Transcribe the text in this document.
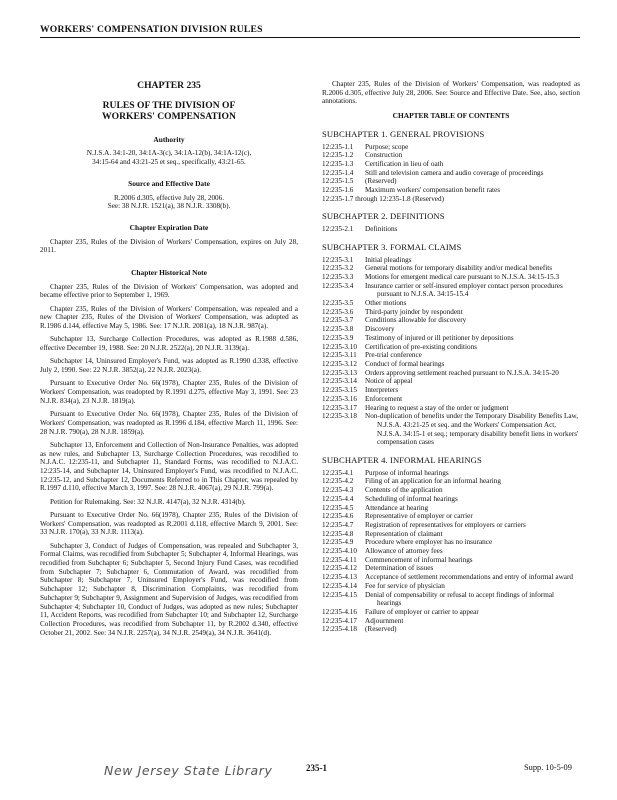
WORKERS' COMPENSATION DIVISION RULES
CHAPTER 235
RULES OF THE DIVISION OF
WORKERS' COMPENSATION
Authority

N.J.S.A. 34:1-20, 34:1A-3(c), 34:1A-12(b), 34:1A-12(c),

34:15-64 and 43:21-25 et seq., specifically, 43:21-65.

Source and Effective Date

R.2006 d.305, effective July 28, 2006.

See: 38 N.J.R. 1521(a), 38 N.J.R. 3308(b).

Chapter Expiration Date

Chapter 235, Rules of the Division of Workers' Compensation, expires on July 28, 2011.

Chapter Historical Note

Chapter 235, Rules of the Division of Workers' Compensation, was adopted and became effective prior to September 1, 1969.

Chapter 235, Rules of the Division of Workers' Compensation, was repealed and a new Chapter 235, Rules of the Division of Workers' Compensation, was adopted as R.1986 d.144, effective May 5, 1986. See: 17 N.J.R. 2081(a), 18 N.J.R. 987(a).

Subchapter 13, Surcharge Collection Procedures, was adopted as R.1988 d.586, effective December 19, 1988. See: 20 N.J.R. 2522(a), 20 N.J.R. 3139(a).

Subchapter 14, Uninsured Employer's Fund, was adopted as R.1990 d.338, effective July 2, 1990. See: 22 N.J.R. 3852(a), 22 N.J.R. 2023(a).

Pursuant to Executive Order No. 66(1978), Chapter 235, Rules of the Division of Workers' Compensation, was readopted by R.1991 d.275, effective May 3, 1991. See: 23 N.J.R. 834(a), 23 N.J.R. 1819(a).

Pursuant to Executive Order No. 66(1978), Chapter 235, Rules of the Division of Workers' Compensation, was readopted as R.1996 d.184, effective March 11, 1996. See: 28 N.J.R. 790(a), 28 N.J.R. 1859(a).

Subchapter 13, Enforcement and Collection of Non-Insurance Penalties, was adopted as new rules, and Subchapter 13, Surcharge Collection Procedures, was recodified to N.J.A.C. 12:235-11, and Subchapter 11, Standard Forms, was recodified to N.J.A.C. 12:235-14, and Subchapter 14, Uninsured Employer's Fund, was recodified to N.J.A.C. 12:235-12, and Subchapter 12, Documents Referred to in This Chapter, was repealed by R.1997 d.110, effective March 3, 1997. See: 28 N.J.R. 4067(a), 29 N.J.R. 799(a).

Petition for Rulemaking. See: 32 N.J.R. 4147(a), 32 N.J.R. 4314(b).

Pursuant to Executive Order No. 66(1978), Chapter 235, Rules of the Division of Workers' Compensation, was readopted as R.2001 d.118, effective March 9, 2001. See: 33 N.J.R. 170(a), 33 N.J.R. 1113(a).

Subchapter 3, Conduct of Judges of Compensation, was repealed and Subchapter 3, Formal Claims, was recodified from Subchapter 5; Subchapter 4, Informal Hearings, was recodified from Subchapter 6; Subchapter 5, Second Injury Fund Cases, was recodified from Subchapter 7; Subchapter 6, Commutation of Award, was recodified from Subchapter 8; Subchapter 7, Uninsured Employer's Fund, was recodified from Subchapter 12; Subchapter 8, Discrimination Complaints, was recodified from Subchapter 9; Subchapter 9, Assignment and Supervision of Judges, was recodified from Subchapter 4; Subchapter 10, Conduct of Judges, was adopted as new rules; Subchapter 11, Accident Reports, was recodified from Subchapter 10; and Subchapter 12, Surcharge Collection Procedures, was recodified from Subchapter 11, by R.2002 d.340, effective October 21, 2002. See: 34 N.J.R. 2257(a), 34 N.J.R. 2549(a), 34 N.J.R. 3641(d).

Chapter 235, Rules of the Division of Workers' Compensation, was readopted as R.2006 d.305, effective July 28, 2006. See: Source and Effective Date. See, also, section annotations.

CHAPTER TABLE OF CONTENTS
SUBCHAPTER 1. GENERAL PROVISIONS
12:235-1.1	Purpose; scope
12:235-1.2	Construction
12:235-1.3	Certification in lieu of oath
12:235-1.4	Still and television camera and audio coverage of proceedings
12:235-1.5	(Reserved)
12:235-1.6	Maximum workers' compensation benefit rates
12:235-1.7 through 12:235-1.8 (Reserved)
SUBCHAPTER 2. DEFINITIONS
12:235-2.1	Definitions
SUBCHAPTER 3. FORMAL CLAIMS
12:235-3.1	Initial pleadings
12:235-3.2	General motions for temporary disability and/or medical benefits
12:235-3.3	Motions for emergent medical care pursuant to N.J.S.A. 34:15-15.3
12:235-3.4	Insurance carrier or self-insured employer contact person procedures pursuant to N.J.S.A. 34:15-15.4
12:235-3.5	Other motions
12:235-3.6	Third-party joinder by respondent
12:235-3.7	Conditions allowable for discovery
12:235-3.8	Discovery
12:235-3.9	Testimony of injured or ill petitioner by depositions
12:235-3.10	Certification of pre-existing conditions
12:235-3.11	Pre-trial conference
12:235-3.12	Conduct of formal hearings
12:235-3.13	Orders approving settlement reached pursuant to N.J.S.A. 34:15-20
12:235-3.14	Notice of appeal
12:235-3.15	Interpreters
12:235-3.16	Enforcement
12:235-3.17	Hearing to request a stay of the order or judgment
12:235-3.18	Non-duplication of benefits under the Temporary Disability Benefits Law, N.J.S.A. 43:21-25 et seq. and the Workers' Compensation Act, N.J.S.A. 34:15-1 et seq.; temporary disability benefit liens in workers' compensation cases
SUBCHAPTER 4. INFORMAL HEARINGS
12:235-4.1	Purpose of informal hearings
12:235-4.2	Filing of an application for an informal hearing
12:235-4.3	Contents of the application
12:235-4.4	Scheduling of informal hearings
12:235-4.5	Attendance at hearing
12:235-4.6	Representative of employer or carrier
12:235-4.7	Registration of representatives for employers or carriers
12:235-4.8	Representation of claimant
12:235-4.9	Procedure where employer has no insurance
12:235-4.10	Allowance of attorney fees
12:235-4.11	Commencement of informal hearings
12:235-4.12	Determination of issues
12:235-4.13	Acceptance of settlement recommendations and entry of informal award
12:235-4.14	Fee for service of physician
12:235-4.15	Denial of compensability or refusal to accept findings of informal hearings
12:235-4.16	Failure of employer or carrier to appear
12:235-4.17	Adjournment
12:235-4.18	(Reserved)
New Jersey State Library	235-1	Supp. 10-5-09
